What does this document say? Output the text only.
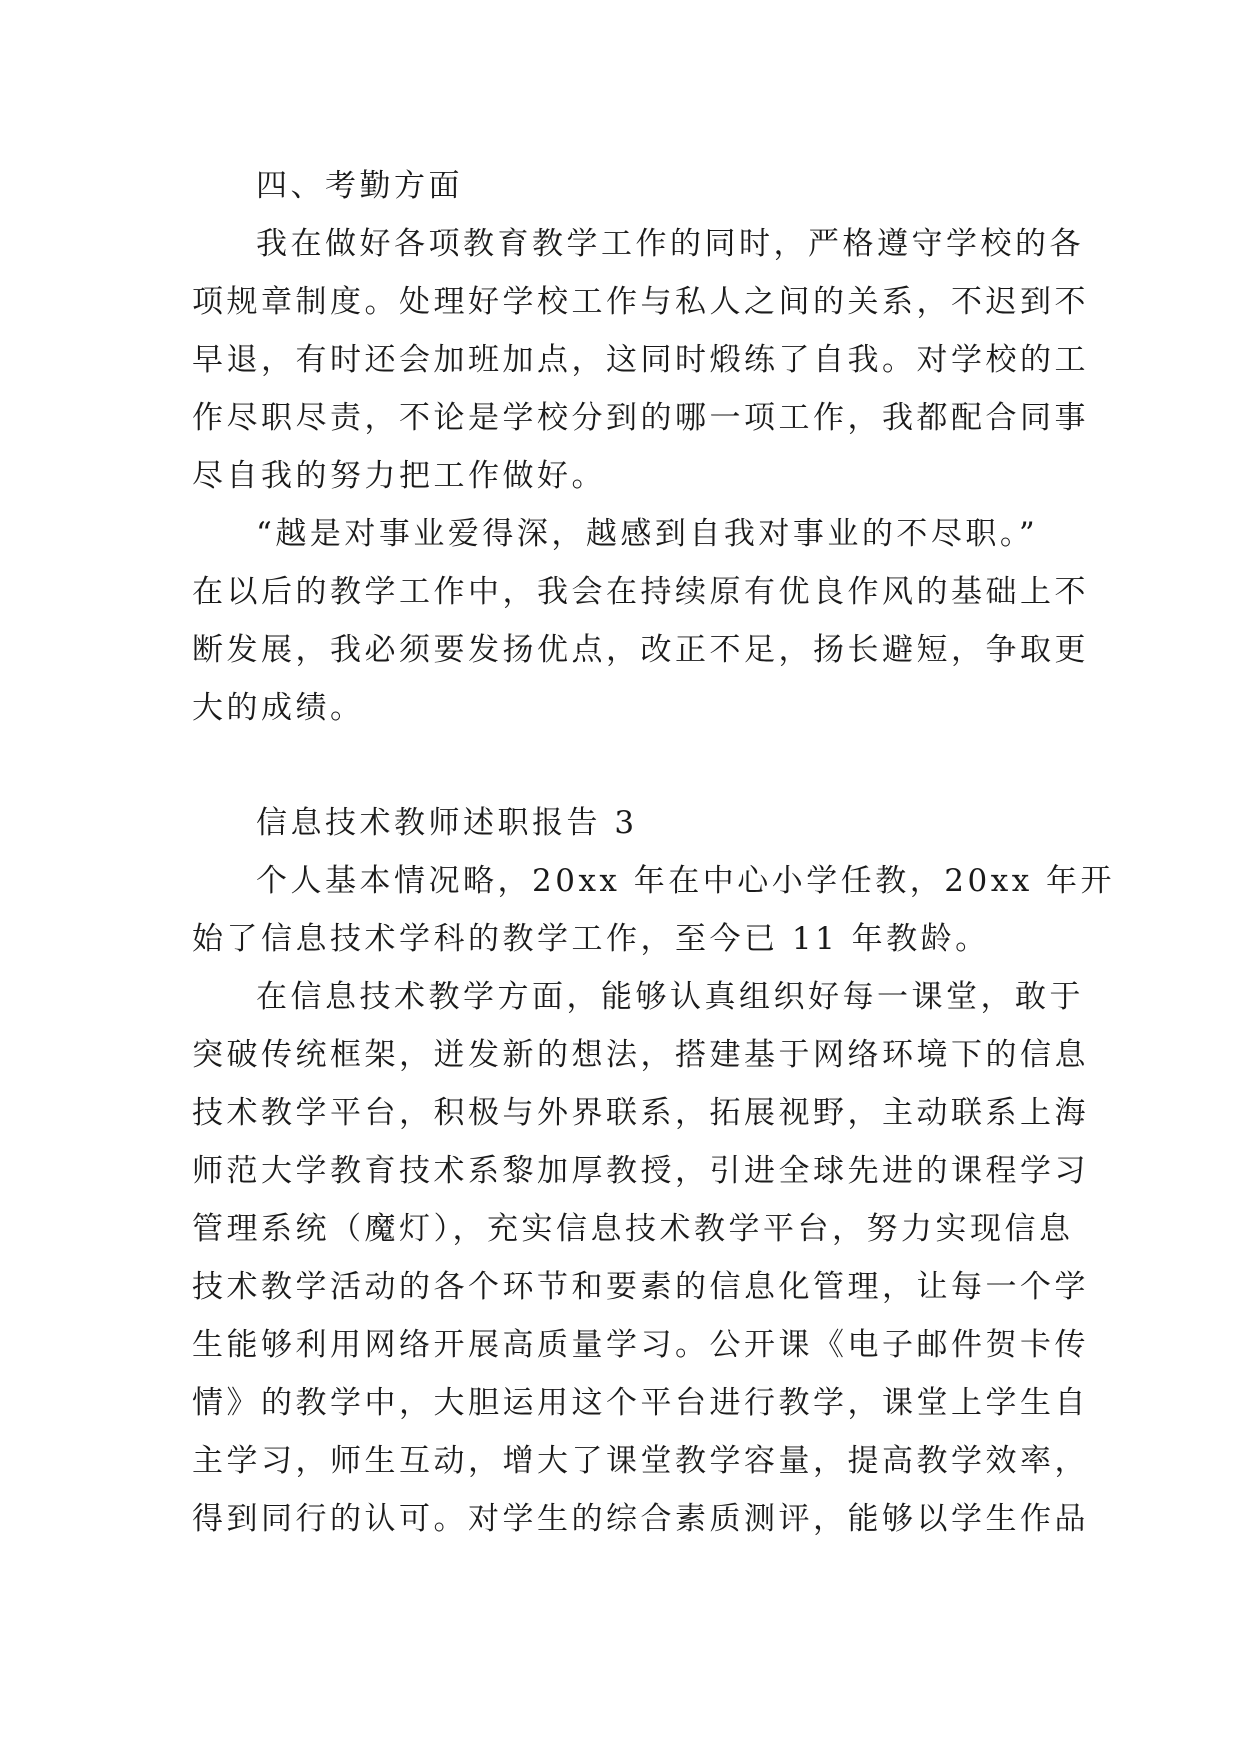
四、考勤方面
我在做好各项教育教学工作的同时，严格遵守学校的各
项规章制度。处理好学校工作与私人之间的关系，不迟到不
早退，有时还会加班加点，这同时煅练了自我。对学校的工
作尽职尽责，不论是学校分到的哪一项工作，我都配合同事
尽自我的努力把工作做好。
“越是对事业爱得深，越感到自我对事业的不尽职。”
在以后的教学工作中，我会在持续原有优良作风的基础上不
断发展，我必须要发扬优点，改正不足，扬长避短，争取更
大的成绩。
信息技术教师述职报告 3
个人基本情况略，20xx 年在中心小学任教，20xx 年开
始了信息技术学科的教学工作，至今已 11 年教龄。
在信息技术教学方面，能够认真组织好每一课堂，敢于
突破传统框架，迸发新的想法，搭建基于网络环境下的信息
技术教学平台，积极与外界联系，拓展视野，主动联系上海
师范大学教育技术系黎加厚教授，引进全球先进的课程学习
管理系统（魔灯），充实信息技术教学平台，努力实现信息
技术教学活动的各个环节和要素的信息化管理，让每一个学
生能够利用网络开展高质量学习。公开课《电子邮件贺卡传
情》的教学中，大胆运用这个平台进行教学，课堂上学生自
主学习，师生互动，增大了课堂教学容量，提高教学效率，
得到同行的认可。对学生的综合素质测评，能够以学生作品
